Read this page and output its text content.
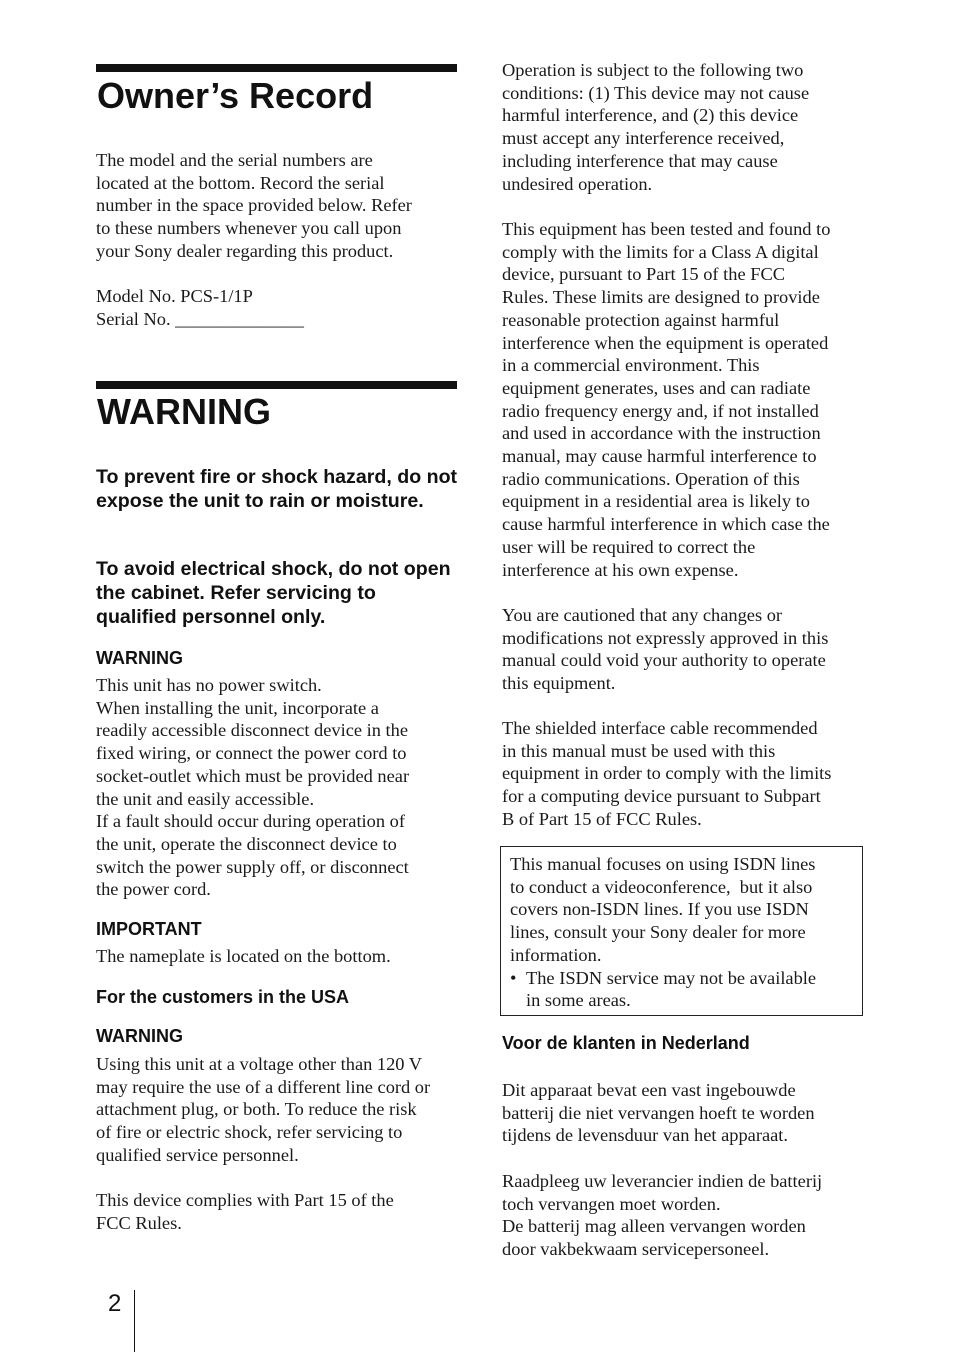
Owner’s Record
The model and the serial numbers are
located at the bottom. Record the serial
number in the space provided below. Refer
to these numbers whenever you call upon
your Sony dealer regarding this product.
Model No. PCS-1/1P
Serial No. ______________
WARNING

To prevent fire or shock hazard, do not expose the unit to rain or moisture.

To avoid electrical shock, do not open the cabinet. Refer servicing to qualified personnel only.

WARNING

This unit has no power switch.
When installing the unit, incorporate a
readily accessible disconnect device in the
fixed wiring, or connect the power cord to
socket-outlet which must be provided near
the unit and easily accessible.
If a fault should occur during operation of
the unit, operate the disconnect device to
switch the power supply off, or disconnect
the power cord.

IMPORTANT

The nameplate is located on the bottom.

For the customers in the USA

WARNING

Using this unit at a voltage other than 120 V
may require the use of a different line cord or
attachment plug, or both. To reduce the risk
of fire or electric shock, refer servicing to
qualified service personnel.
This device complies with Part 15 of the
FCC Rules.
Operation is subject to the following two
conditions: (1) This device may not cause
harmful interference, and (2) this device
must accept any interference received,
including interference that may cause
undesired operation.
This equipment has been tested and found to
comply with the limits for a Class A digital
device, pursuant to Part 15 of the FCC
Rules. These limits are designed to provide
reasonable protection against harmful
interference when the equipment is operated
in a commercial environment. This
equipment generates, uses and can radiate
radio frequency energy and, if not installed
and used in accordance with the instruction
manual, may cause harmful interference to
radio communications. Operation of this
equipment in a residential area is likely to
cause harmful interference in which case the
user will be required to correct the
interference at his own expense.
You are cautioned that any changes or
modifications not expressly approved in this
manual could void your authority to operate
this equipment.
The shielded interface cable recommended
in this manual must be used with this
equipment in order to comply with the limits
for a computing device pursuant to Subpart
B of Part 15 of FCC Rules.
This manual focuses on using ISDN lines
to conduct a videoconference,  but it also
covers non-ISDN lines. If you use ISDN
lines, consult your Sony dealer for more
information.
• The ISDN service may not be available
in some areas.

Voor de klanten in Nederland

Dit apparaat bevat een vast ingebouwde
batterij die niet vervangen hoeft te worden
tijdens de levensduur van het apparaat.
Raadpleeg uw leverancier indien de batterij
toch vervangen moet worden.
De batterij mag alleen vervangen worden
door vakbekwaam servicepersoneel.
2
